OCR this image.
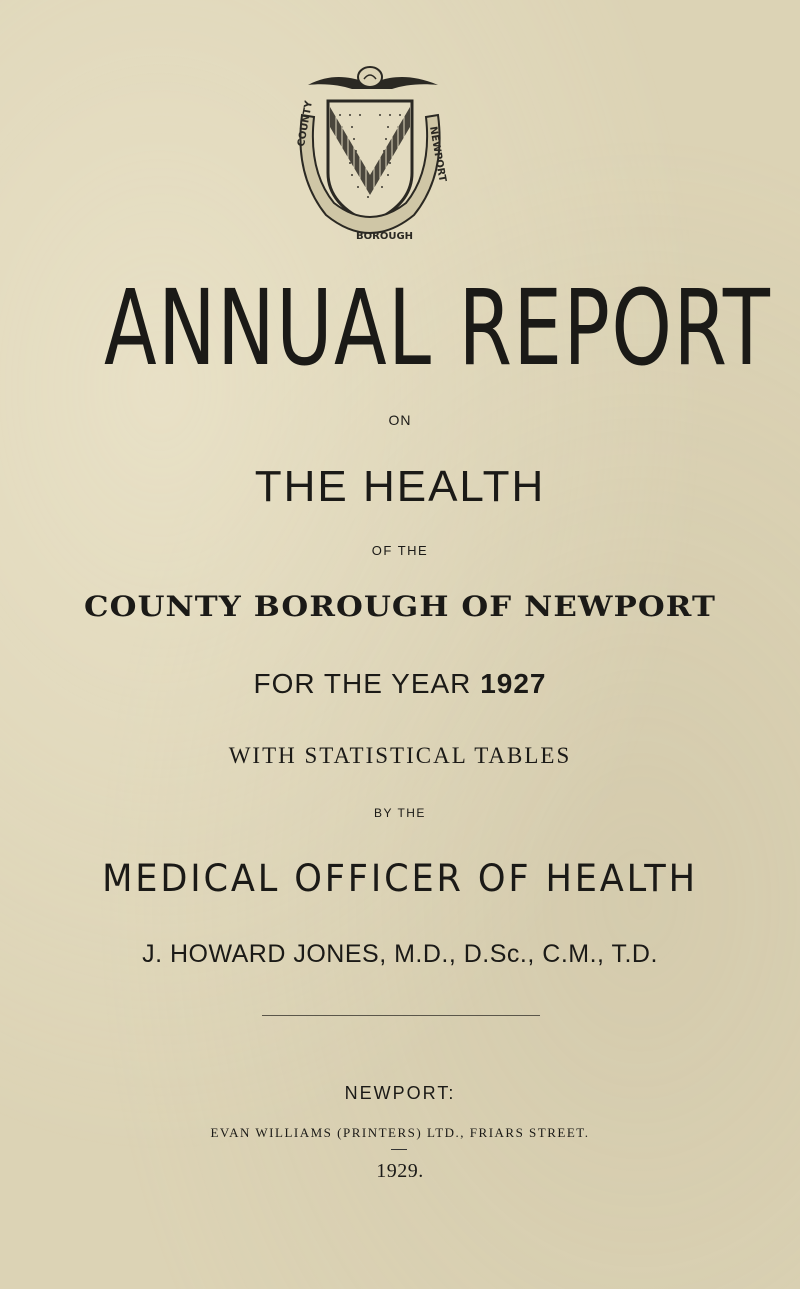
COUNTY
BOROUGH
NEWPORT
ANNUAL REPORT
ON
THE HEALTH
OF THE
COUNTY BOROUGH OF NEWPORT
FOR THE YEAR 1927
WITH STATISTICAL TABLES
BY THE
MEDICAL OFFICER OF HEALTH
J. HOWARD JONES, M.D., D.Sc., C.M., T.D.
NEWPORT:
EVAN WILLIAMS (PRINTERS) LTD., FRIARS STREET.
1929.
